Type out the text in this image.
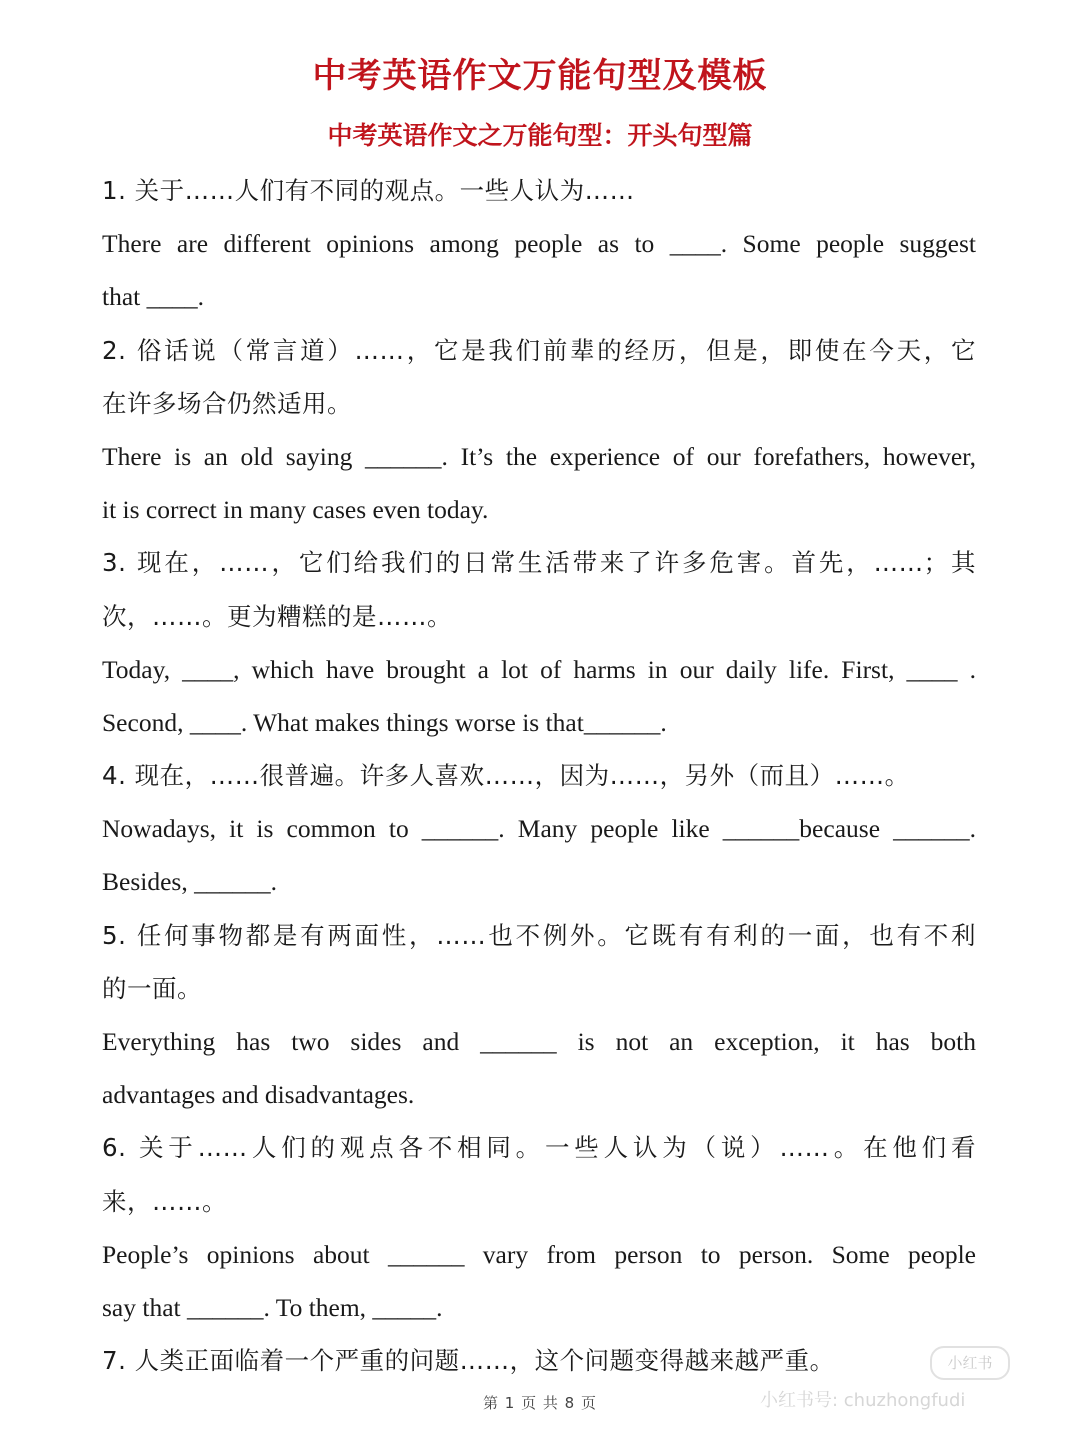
中考英语作文万能句型及模板
中考英语作文之万能句型：开头句型篇
1. 关于……人们有不同的观点。一些人认为……
There are different opinions among people as to ____. Some people suggest
that ____.
2. 俗话说（常言道）……，它是我们前辈的经历，但是，即使在今天，它
在许多场合仍然适用。
There is an old saying ______. It’s the experience of our forefathers, however,
it is correct in many cases even today.
3. 现在，……，它们给我们的日常生活带来了许多危害。首先，……；其
次，……。更为糟糕的是……。
Today, ____, which have brought a lot of harms in our daily life. First, ____ .
Second, ____. What makes things worse is that______.
4. 现在，……很普遍。许多人喜欢……，因为……，另外（而且）……。
Nowadays, it is common to ______. Many people like ______because ______.
Besides, ______.
5. 任何事物都是有两面性，……也不例外。它既有有利的一面，也有不利
的一面。
Everything has two sides and ______ is not an exception, it has both
advantages and disadvantages.
6. 关于……人们的观点各不相同。一些人认为（说）……。在他们看
来，……。
People’s opinions about ______ vary from person to person. Some people
say that ______. To them, _____.
7. 人类正面临着一个严重的问题……，这个问题变得越来越严重。
第 1 页 共 8 页
小红书
小红书号: chuzhongfudi
